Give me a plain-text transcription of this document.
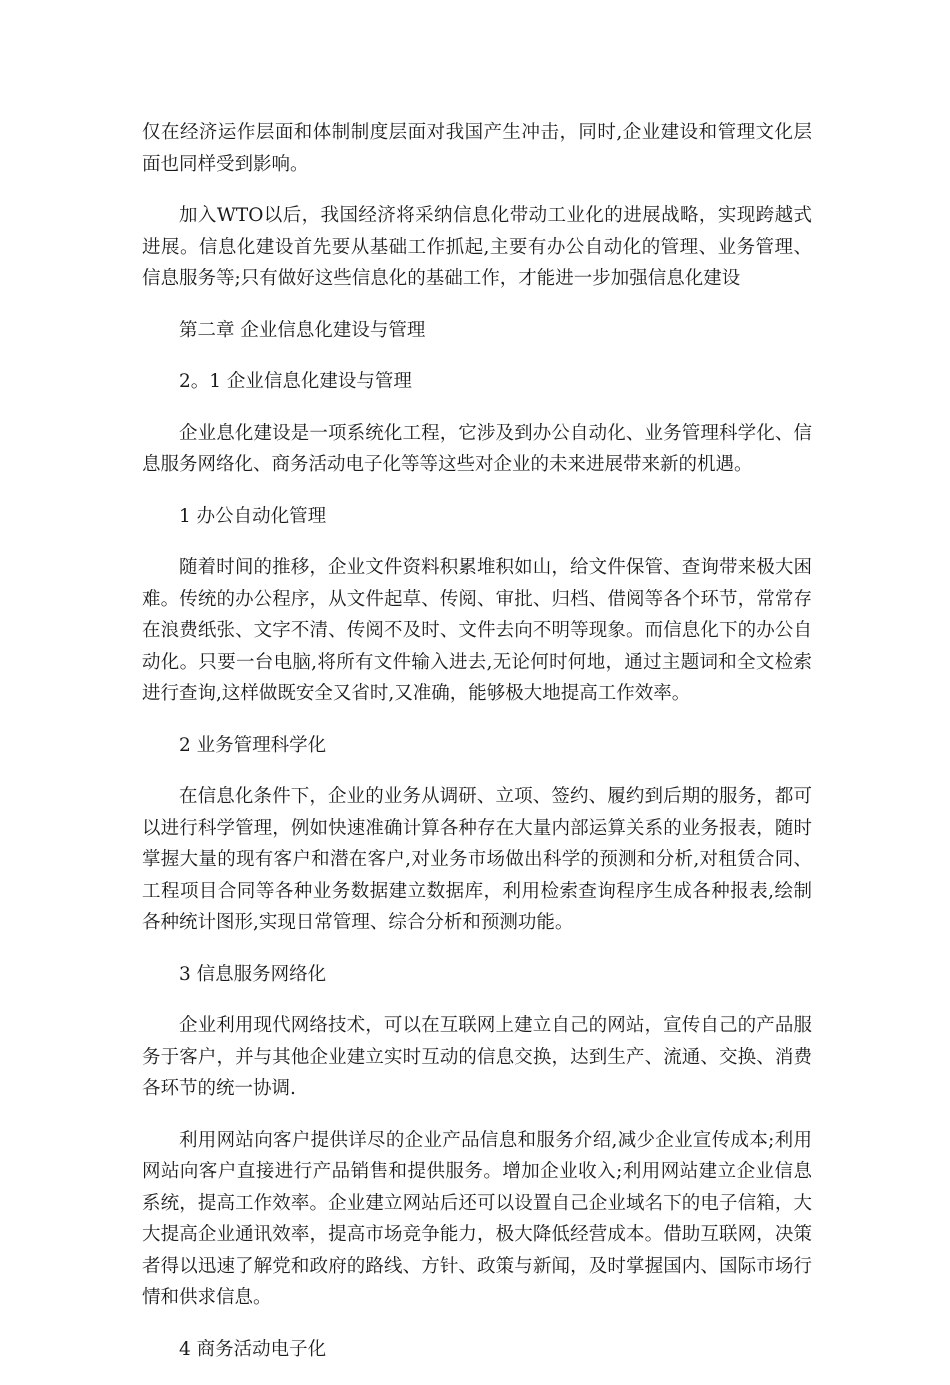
仅在经济运作层面和体制制度层面对我国产生冲击，同时,企业建设和管理文化层面也同样受到影响。

加入WTO以后，我国经济将采纳信息化带动工业化的进展战略，实现跨越式进展。信息化建设首先要从基础工作抓起,主要有办公自动化的管理、业务管理、信息服务等;只有做好这些信息化的基础工作，才能进一步加强信息化建设

第二章 企业信息化建设与管理

2。1 企业信息化建设与管理

企业息化建设是一项系统化工程，它涉及到办公自动化、业务管理科学化、信息服务网络化、商务活动电子化等等这些对企业的未来进展带来新的机遇。

1 办公自动化管理

随着时间的推移，企业文件资料积累堆积如山，给文件保管、查询带来极大困难。传统的办公程序，从文件起草、传阅、审批、归档、借阅等各个环节，常常存在浪费纸张、文字不清、传阅不及时、文件去向不明等现象。而信息化下的办公自动化。只要一台电脑,将所有文件输入进去,无论何时何地，通过主题词和全文检索进行查询,这样做既安全又省时,又准确，能够极大地提高工作效率。

2 业务管理科学化

在信息化条件下，企业的业务从调研、立项、签约、履约到后期的服务，都可以进行科学管理，例如快速准确计算各种存在大量内部运算关系的业务报表，随时掌握大量的现有客户和潜在客户,对业务市场做出科学的预测和分析,对租赁合同、工程项目合同等各种业务数据建立数据库，利用检索查询程序生成各种报表,绘制各种统计图形,实现日常管理、综合分析和预测功能。

3 信息服务网络化

企业利用现代网络技术，可以在互联网上建立自己的网站，宣传自己的产品服务于客户，并与其他企业建立实时互动的信息交换，达到生产、流通、交换、消费各环节的统一协调.

利用网站向客户提供详尽的企业产品信息和服务介绍,减少企业宣传成本;利用网站向客户直接进行产品销售和提供服务。增加企业收入;利用网站建立企业信息系统，提高工作效率。企业建立网站后还可以设置自己企业域名下的电子信箱，大大提高企业通讯效率，提高市场竞争能力，极大降低经营成本。借助互联网，决策者得以迅速了解党和政府的路线、方针、政策与新闻，及时掌握国内、国际市场行情和供求信息。

4 商务活动电子化
